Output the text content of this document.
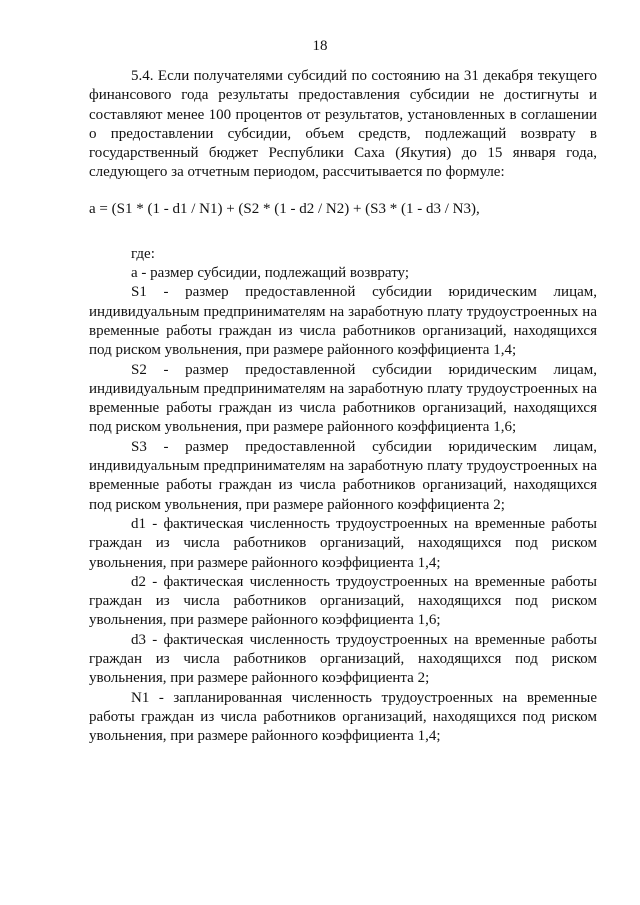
18

5.4. Если получателями субсидий по состоянию на 31 декабря текущего финансового года результаты предоставления субсидии не достигнуты и составляют менее 100 процентов от результатов, установленных в соглашении о предоставлении субсидии, объем средств, подлежащий возврату в государственный бюджет Республики Саха (Якутия) до 15 января года, следующего за отчетным периодом, рассчитывается по формуле:

a = (S1 * (1 - d1 / N1) + (S2 * (1 - d2 / N2) + (S3 * (1 - d3 / N3),

где:

а - размер субсидии, подлежащий возврату;

S1 - размер предоставленной субсидии юридическим лицам, индивидуальным предпринимателям на заработную плату трудоустроенных на временные работы граждан из числа работников организаций, находящихся под риском увольнения, при размере районного коэффициента 1,4;

S2 - размер предоставленной субсидии юридическим лицам, индивидуальным предпринимателям на заработную плату трудоустроенных на временные работы граждан из числа работников организаций, находящихся под риском увольнения, при размере районного коэффициента 1,6;

S3 - размер предоставленной субсидии юридическим лицам, индивидуальным предпринимателям на заработную плату трудоустроенных на временные работы граждан из числа работников организаций, находящихся под риском увольнения, при размере районного коэффициента 2;

d1 - фактическая численность трудоустроенных на временные работы граждан из числа работников организаций, находящихся под риском увольнения, при размере районного коэффициента 1,4;

d2 - фактическая численность трудоустроенных на временные работы граждан из числа работников организаций, находящихся под риском увольнения, при размере районного коэффициента 1,6;

d3 - фактическая численность трудоустроенных на временные работы граждан из числа работников организаций, находящихся под риском увольнения, при размере районного коэффициента 2;

N1 - запланированная численность трудоустроенных на временные работы граждан из числа работников организаций, находящихся под риском увольнения, при размере районного коэффициента 1,4;
